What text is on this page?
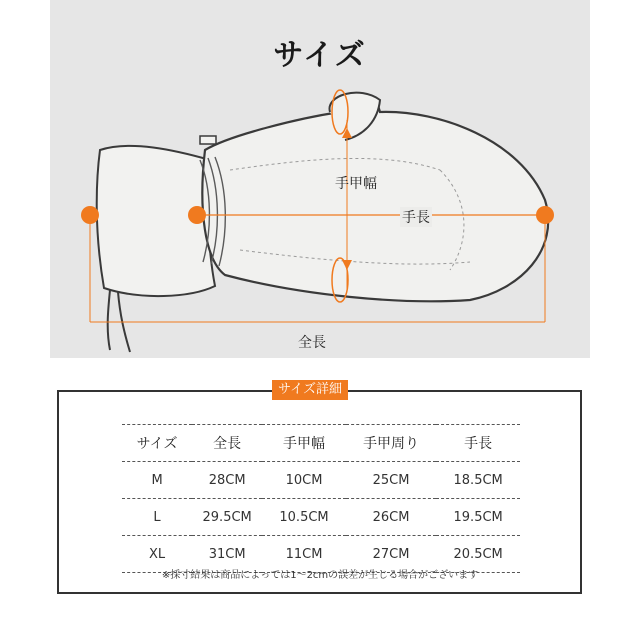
サイズ
手甲幅
手長
全長
サイズ詳細
サイズ	全長	手甲幅	手甲周り	手長
M	28CM	10CM	25CM	18.5CM
L	29.5CM	10.5CM	26CM	19.5CM
XL	31CM	11CM	27CM	20.5CM
※採寸結果は商品によっては1～2cmの誤差が生じる場合がございます
